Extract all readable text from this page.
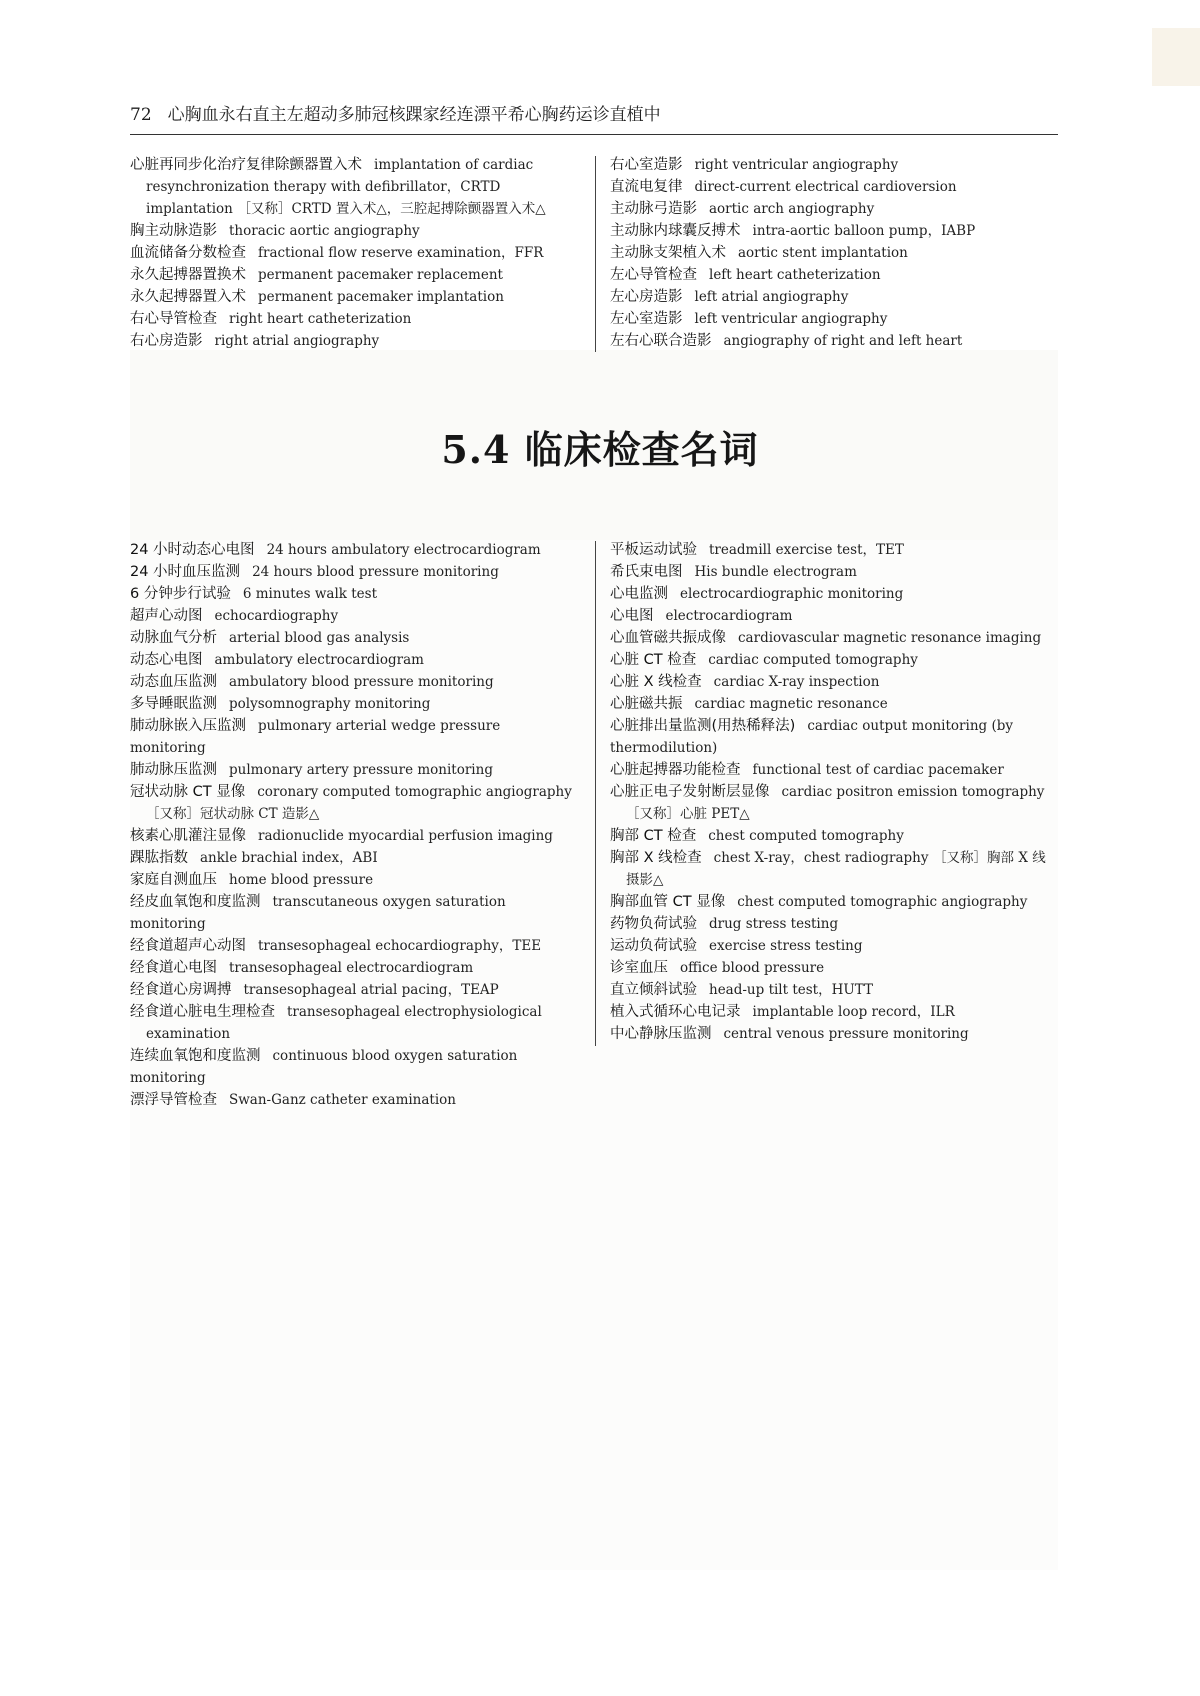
72 心胸血永右直主左超动多肺冠核踝家经连漂平希心胸药运诊直植中
5.4 临床检查名词
心脏再同步化治疗复律除颤器置入术 implantation of cardiac resynchronization therapy with defibrillator，CRTD implantation ［又称］CRTD 置入术△，三腔起搏除颤器置入术△
胸主动脉造影 thoracic aortic angiography
血流储备分数检查 fractional flow reserve examination，FFR
永久起搏器置换术 permanent pacemaker replacement
永久起搏器置入术 permanent pacemaker implantation
右心导管检查 right heart catheterization
右心房造影 right atrial angiography
右心室造影 right ventricular angiography
直流电复律 direct-current electrical cardioversion
主动脉弓造影 aortic arch angiography
主动脉内球囊反搏术 intra-aortic balloon pump，IABP
主动脉支架植入术 aortic stent implantation
左心导管检查 left heart catheterization
左心房造影 left atrial angiography
左心室造影 left ventricular angiography
左右心联合造影 angiography of right and left heart
24 小时动态心电图 24 hours ambulatory electrocardiogram
24 小时血压监测 24 hours blood pressure monitoring
6 分钟步行试验 6 minutes walk test
超声心动图 echocardiography
动脉血气分析 arterial blood gas analysis
动态心电图 ambulatory electrocardiogram
动态血压监测 ambulatory blood pressure monitoring
多导睡眠监测 polysomnography monitoring
肺动脉嵌入压监测 pulmonary arterial wedge pressure monitoring
肺动脉压监测 pulmonary artery pressure monitoring
冠状动脉 CT 显像 coronary computed tomographic angiography ［又称］冠状动脉 CT 造影△
核素心肌灌注显像 radionuclide myocardial perfusion imaging
踝肱指数 ankle brachial index，ABI
家庭自测血压 home blood pressure
经皮血氧饱和度监测 transcutaneous oxygen saturation monitoring
经食道超声心动图 transesophageal echocardiography，TEE
经食道心电图 transesophageal electrocardiogram
经食道心房调搏 transesophageal atrial pacing，TEAP
经食道心脏电生理检查 transesophageal electrophysiological examination
连续血氧饱和度监测 continuous blood oxygen saturation monitoring
漂浮导管检查 Swan-Ganz catheter examination
平板运动试验 treadmill exercise test，TET
希氏束电图 His bundle electrogram
心电监测 electrocardiographic monitoring
心电图 electrocardiogram
心血管磁共振成像 cardiovascular magnetic resonance imaging
心脏 CT 检查 cardiac computed tomography
心脏 X 线检查 cardiac X-ray inspection
心脏磁共振 cardiac magnetic resonance
心脏排出量监测(用热稀释法) cardiac output monitoring (by thermodilution)
心脏起搏器功能检查 functional test of cardiac pacemaker
心脏正电子发射断层显像 cardiac positron emission tomography ［又称］心脏 PET△
胸部 CT 检查 chest computed tomography
胸部 X 线检查 chest X-ray，chest radiography ［又称］胸部 X 线摄影△
胸部血管 CT 显像 chest computed tomographic angiography
药物负荷试验 drug stress testing
运动负荷试验 exercise stress testing
诊室血压 office blood pressure
直立倾斜试验 head-up tilt test，HUTT
植入式循环心电记录 implantable loop record，ILR
中心静脉压监测 central venous pressure monitoring
